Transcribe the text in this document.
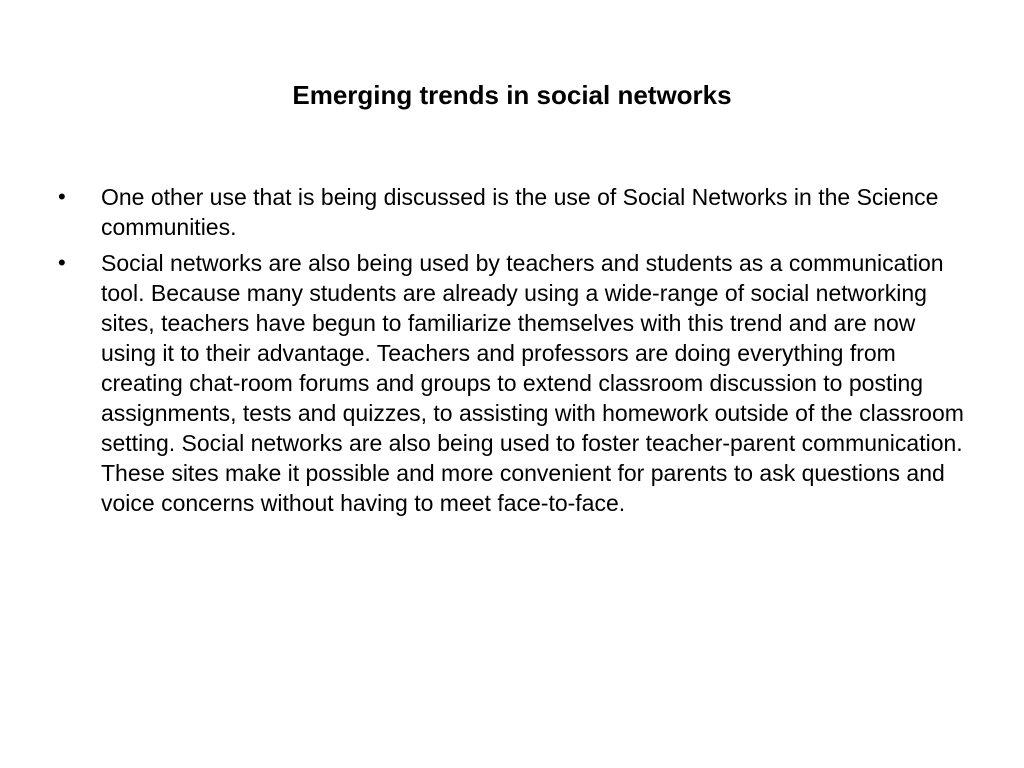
Emerging trends in social networks
•	One other use that is being discussed is the use of Social Networks in the Science communities.
•	Social networks are also being used by teachers and students as a communication tool. Because many students are already using a wide-range of social networking sites, teachers have begun to familiarize themselves with this trend and are now using it to their advantage. Teachers and professors are doing everything from creating chat-room forums and groups to extend classroom discussion to posting assignments, tests and quizzes, to assisting with homework outside of the classroom setting. Social networks are also being used to foster teacher-parent communication. These sites make it possible and more convenient for parents to ask questions and voice concerns without having to meet face-to-face.
